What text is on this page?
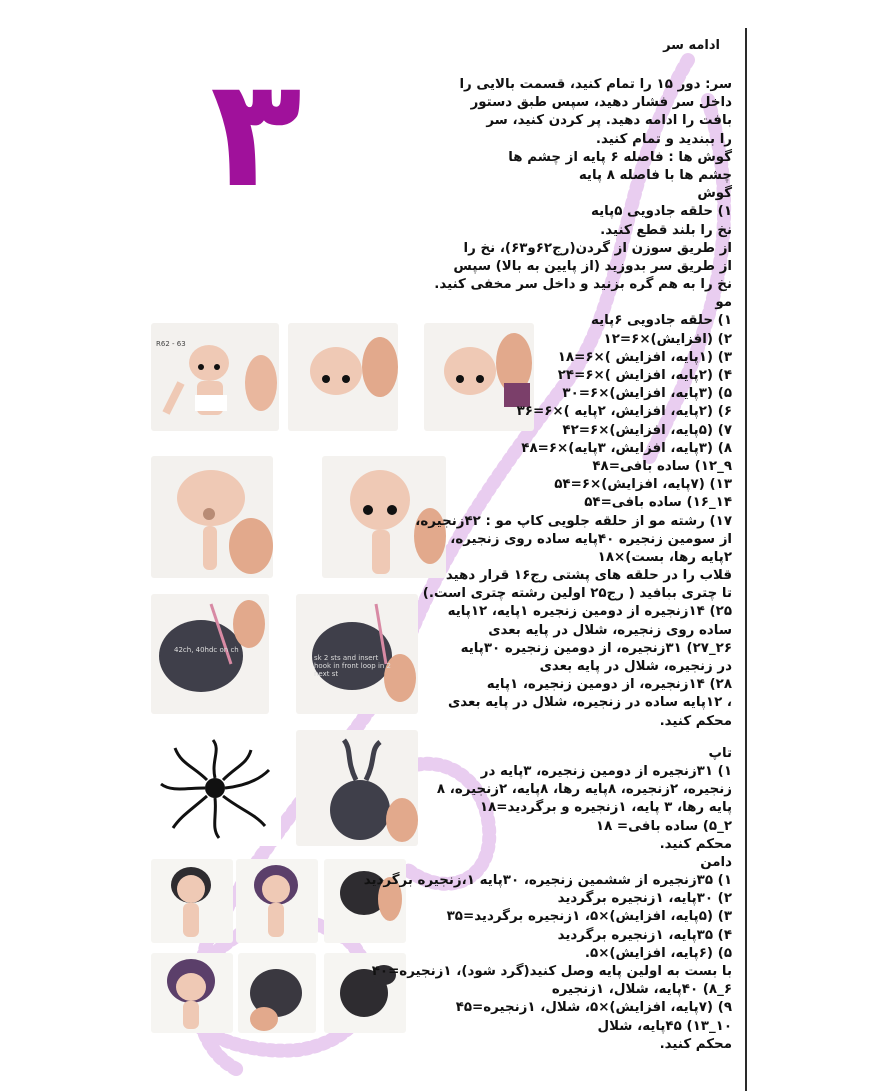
۳
ادامه سر
R62 - 63
42ch, 40hdc on ch
sk 2 sts and insert hook in front loop in 2 next st
سر: دور ۱۵ را تمام کنید، قسمت بالایی را
داخل سر فشار دهید، سپس طبق دستور
بافت را ادامه دهید. پر کردن کنید، سر
را ببندید و تمام کنید.
گوش ها : فاصله ۶ پایه از چشم ها
چشم ها با فاصله ۸ پایه
گوش
۱) حلقه جادویی ۵پایه
نخ را بلند قطع کنید.
از طریق سوزن از گردن(رج۶۲و۶۳)، نخ را
از طریق سر بدوزید (از پایین به بالا) سپس
نخ را به هم گره بزنید و داخل سر مخفی کنید.
مو
۱) حلقه جادویی ۶پایه
۲) (افزایش)×۶=۱۲
۳) (۱پایه، افزایش )×۶=۱۸
۴) (۲پایه، افزایش )×۶=۲۴
۵) (۳پایه، افزایش)×۶=۳۰
۶) (۲پایه، افزایش، ۲پایه )×۶=۳۶
۷) (۵پایه، افزایش)×۶=۴۲
۸) (۳پایه، افزایش، ۳پایه)×۶=۴۸
۹_۱۲) ساده بافی=۴۸
۱۳) (۷پایه، افزایش)×۶=۵۴
۱۴_۱۶) ساده بافی=۵۴
۱۷) رشته مو از حلقه جلویی کاپ مو : ۴۲زنجیره،
از سومین زنجیره ۴۰پایه ساده روی زنجیره،
۲پایه رها، بست)×۱۸
قلاب را در حلقه های پشتی رج۱۶ قرار دهید
تا چتری ببافید ( رج۲۵ اولین رشته چتری است.)
۲۵) ۱۴زنجیره از دومین زنجیره ۱پایه، ۱۲پایه
ساده روی زنجیره، شلال در پایه بعدی
۲۶_۲۷) ۳۱زنجیره، از دومین زنجیره ۳۰پایه
در زنجیره، شلال در پایه بعدی
۲۸) ۱۴زنجیره، از دومین زنجیره، ۱پایه
، ۱۲پایه ساده در زنجیره، شلال در پایه بعدی
محکم کنید.
تاپ
۱) ۳۱زنجیره از دومین زنجیره، ۳پایه در
زنجیره، ۲زنجیره، ۸پایه رها، ۸پایه، ۲زنجیره، ۸
پایه رها، ۳ پایه، ۱زنجیره و برگردید=۱۸
۲_۵) ساده بافی= ۱۸
محکم کنید.
دامن
۱) ۳۵زنجیره از ششمین زنجیره، ۳۰پایه ۱،زنجیره برگردید
۲) ۳۰پایه، ۱زنجیره برگردید
۳) (۵پایه، افزایش)×۵، ۱زنجیره برگردید=۳۵
۴) ۳۵پایه، ۱زنجیره برگردید
۵) (۶پایه، افزایش)×۵.
با بست به اولین پایه وصل کنید(گرد شود)، ۱زنجیره=۴۰
۶_۸) ۴۰پایه، شلال، ۱زنجیره
۹) (۷پایه، افزایش)×۵، شلال، ۱زنجیره=۴۵
۱۰_۱۳) ۴۵پایه، شلال
محکم کنید.
